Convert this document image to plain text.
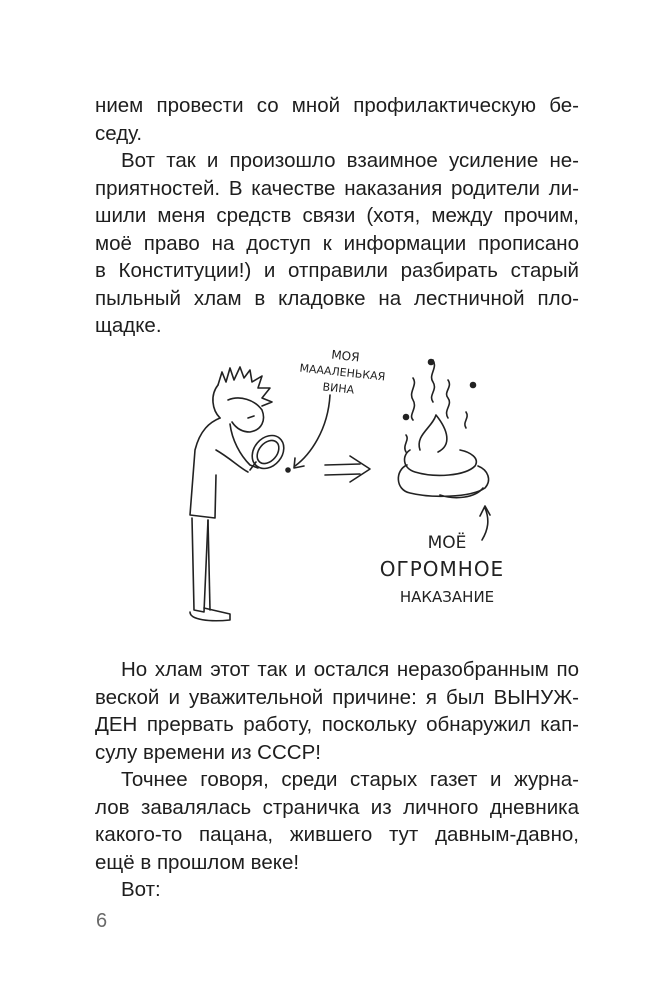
нием провести со мной профилактическую бе-
седу.
Вот так и произошло взаимное усиление не-
приятностей. В качестве наказания родители ли-
шили меня средств связи (хотя, между прочим,
моё право на доступ к информации прописано
в Конституции!) и отправили разбирать старый
пыльный хлам в кладовке на лестничной пло-
щадке.
МОЯ
МАААЛЕНЬКАЯ
ВИНА
МОЁ
ОГРОМНОЕ
НАКАЗАНИЕ
Но хлам этот так и остался неразобранным по
веской и уважительной причине: я был ВЫНУЖ-
ДЕН прервать работу, поскольку обнаружил кап-
сулу времени из СССР!
Точнее говоря, среди старых газет и журна-
лов завалялась страничка из личного дневника
какого-то пацана, жившего тут давным-давно,
ещё в прошлом веке!
Вот:
6
